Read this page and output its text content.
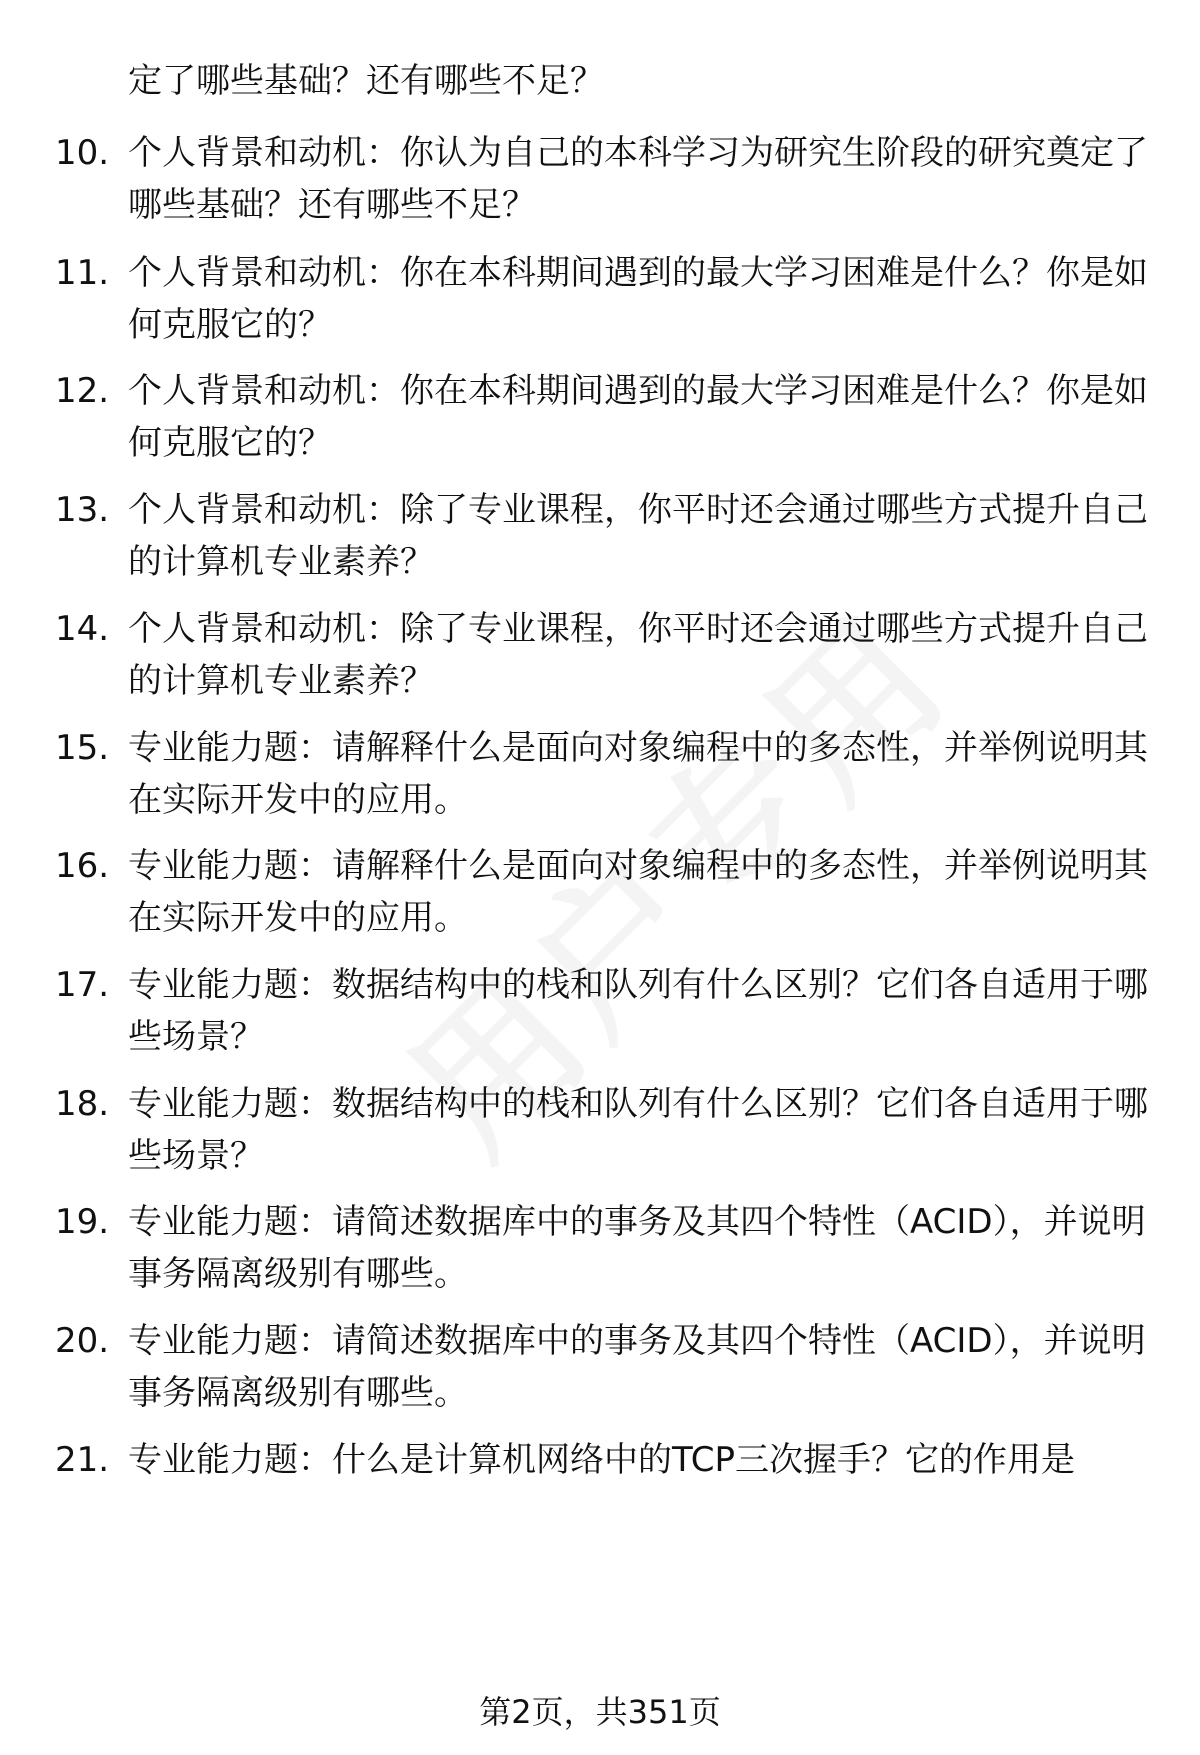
定了哪些基础？还有哪些不足？
10. 个人背景和动机：你认为自己的本科学习为研究生阶段的研究奠定了哪些基础？还有哪些不足？
11. 个人背景和动机：你在本科期间遇到的最大学习困难是什么？你是如何克服它的？
12. 个人背景和动机：你在本科期间遇到的最大学习困难是什么？你是如何克服它的？
13. 个人背景和动机：除了专业课程，你平时还会通过哪些方式提升自己的计算机专业素养？
14. 个人背景和动机：除了专业课程，你平时还会通过哪些方式提升自己的计算机专业素养？
15. 专业能力题：请解释什么是面向对象编程中的多态性，并举例说明其在实际开发中的应用。
16. 专业能力题：请解释什么是面向对象编程中的多态性，并举例说明其在实际开发中的应用。
17. 专业能力题：数据结构中的栈和队列有什么区别？它们各自适用于哪些场景？
18. 专业能力题：数据结构中的栈和队列有什么区别？它们各自适用于哪些场景？
19. 专业能力题：请简述数据库中的事务及其四个特性（ACID），并说明事务隔离级别有哪些。
20. 专业能力题：请简述数据库中的事务及其四个特性（ACID），并说明事务隔离级别有哪些。
21. 专业能力题：什么是计算机网络中的TCP三次握手？它的作用是
第2页，共351页
